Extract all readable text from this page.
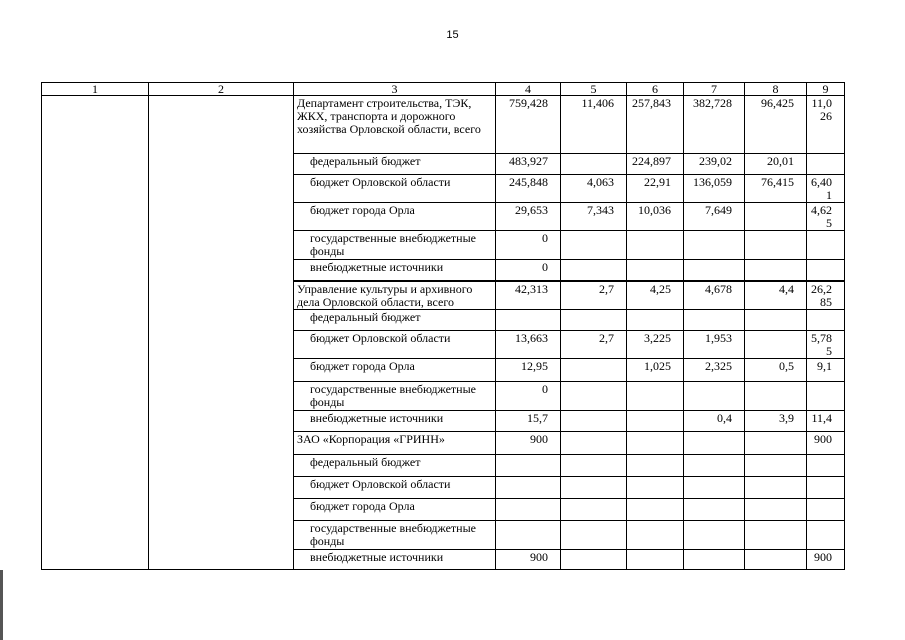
15
1	2	3	4	5	6	7	8	9
		Департамент строительства, ТЭК, ЖКХ, транспорта и дорожного хозяйства Орловской области, всего	759,428	11,406	257,843	382,728	96,425	11,026
		федеральный бюджет	483,927		224,897	239,02	20,01	
		бюджет Орловской области	245,848	4,063	22,91	136,059	76,415	6,401
		бюджет города Орла	29,653	7,343	10,036	7,649		4,625
		государственные внебюджетные фонды	0					
		внебюджетные источники	0					
		Управление культуры и архивного дела Орловской области, всего	42,313	2,7	4,25	4,678	4,4	26,285
		федеральный бюджет						
		бюджет Орловской области	13,663	2,7	3,225	1,953		5,785
		бюджет города Орла	12,95		1,025	2,325	0,5	9,1
		государственные внебюджетные фонды	0					
		внебюджетные источники	15,7			0,4	3,9	11,4
		ЗАО «Корпорация «ГРИНН»	900					900
		федеральный бюджет						
		бюджет Орловской области						
		бюджет города Орла						
		государственные внебюджетные фонды						
		внебюджетные источники	900					900
